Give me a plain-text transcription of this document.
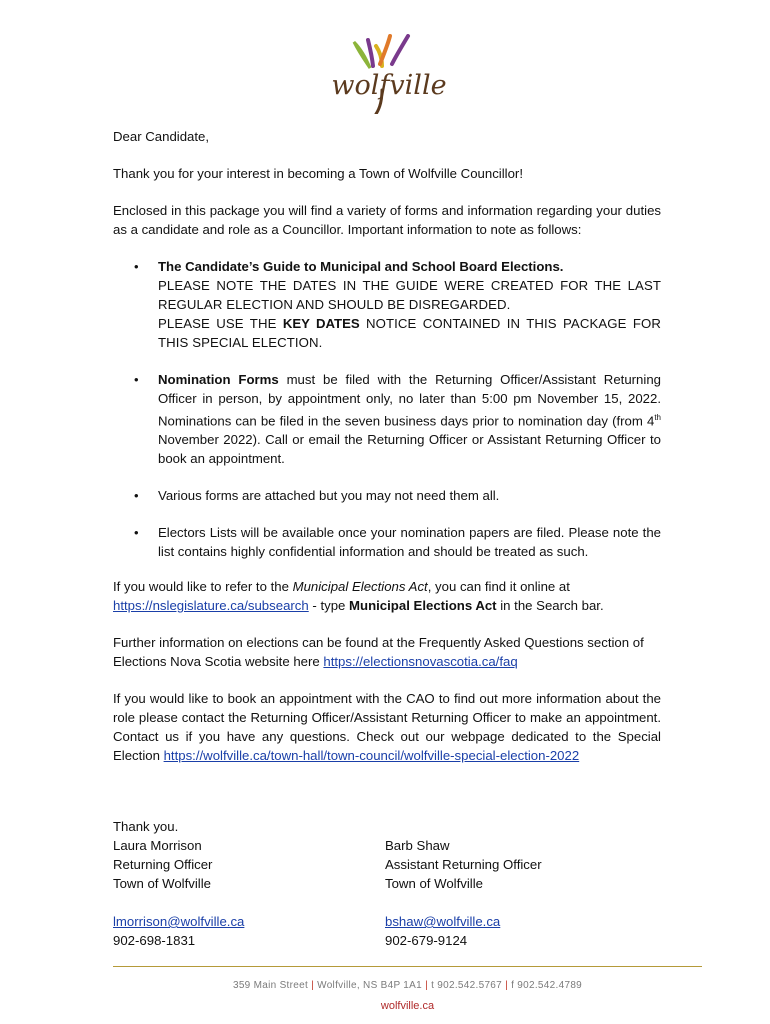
wolfville

Dear Candidate,

Thank you for your interest in becoming a Town of Wolfville Councillor!

Enclosed in this package you will find a variety of forms and information regarding your duties as a candidate and role as a Councillor. Important information to note as follows:

• The Candidate’s Guide to Municipal and School Board Elections.
PLEASE NOTE THE DATES IN THE GUIDE WERE CREATED FOR THE LAST REGULAR ELECTION AND SHOULD BE DISREGARDED.
PLEASE USE THE KEY DATES NOTICE CONTAINED IN THIS PACKAGE FOR THIS SPECIAL ELECTION.
• Nomination Forms must be filed with the Returning Officer/Assistant Returning Officer in person, by appointment only, no later than 5:00 pm November 15, 2022. Nominations can be filed in the seven business days prior to nomination day (from 4th November 2022). Call or email the Returning Officer or Assistant Returning Officer to book an appointment.
• Various forms are attached but you may not need them all.
• Electors Lists will be available once your nomination papers are filed. Please note the list contains highly confidential information and should be treated as such.

If you would like to refer to the Municipal Elections Act, you can find it online at
https://nslegislature.ca/subsearch - type Municipal Elections Act in the Search bar.

Further information on elections can be found at the Frequently Asked Questions section of Elections Nova Scotia website here https://electionsnovascotia.ca/faq

If you would like to book an appointment with the CAO to find out more information about the role please contact the Returning Officer/Assistant Returning Officer to make an appointment. Contact us if you have any questions. Check out our webpage dedicated to the Special Election https://wolfville.ca/town-hall/town-council/wolfville-special-election-2022

Thank you.
Laura Morrison
Returning Officer
Town of Wolfville
lmorrison@wolfville.ca
902-698-1831
Barb Shaw
Assistant Returning Officer
Town of Wolfville
bshaw@wolfville.ca
902-679-9124
359 Main Street | Wolfville, NS B4P 1A1 | t 902.542.5767 | f 902.542.4789
wolfville.ca
